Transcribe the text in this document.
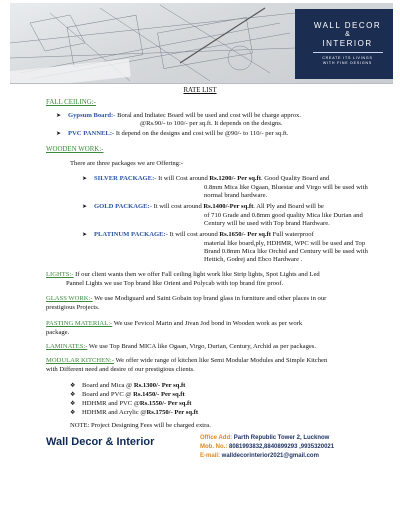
WALL DECOR
&
INTERIOR
CREATE ITS LIVINGS
WITH FINE DESIGNS
RATE LIST
FALL CEILING:-
➤ Gypsum Board:- Boral and Indiatec Board will be used and cost will be charge approx.
@Rs.90/- to 100/- per sq.ft. It depends on the designs.
➤ PVC PANNEL:- It depend on the designs and cost will be @90/- to 110/- per sq.ft.
WOODEN WORK:-
There are three packages we are Offering:-
➤ SILVER PACKAGE:- It will Cost around Rs.1200/- Per sq.ft. Good Quality Board and
0.8mm Mica like Ogaan, Bluestar and Virgo will be used with
normal brand hardware.
➤ GOLD PACKAGE:- It will cost around Rs.1400/-Per sq.ft. All Ply and Board will be
of 710 Grade and 0.8mm good quality Mica like Durian and
Century will be used with Top brand Hardware.
➤ PLATINUM PACKAGE:- It will cost around Rs.1650/- Per sq.ft Full waterproof
material like board,ply, HDHMR, WPC will be used and Top
Brand 0.8mm Mica like Orchid and Century will be used with
Hettich, Godrej and Ebco Hardware .
LIGHTS:- If our client wants then we offer Fall ceiling light work like Strip lights, Spot Lights and Led
Pannel Lights we use Top brand like Orient and Polycab with top brand fire proof.
GLASS WORK:- We use Modiguard and Saint Gobain top brand glass in furniture and other places in our
prestigious Projects.
PASTING MATERIAL:- We use Fevicol Marin and Jivan Jod bond in Wooden work as per work
package.
LAMINATES:- We use Top Brand MICA like Ogaan, Virgo, Durian, Century, Archid as per packages.
MODULAR KITCHEN:- We offer wide range of kitchen like Semi Modular Modules and Simple Kitchen
with Different need and desire of our prestigious clients.
❖ Board and Mica @ Rs.1300/- Per sq.ft
❖ Board and PVC @ Rs.1450/- Per sq.ft
❖ HDHMR and PVC @Rs.1550/- Per sq.ft
❖ HDHMR and Acrylic @Rs.1750/- Per sq.ft
NOTE: Project Designing Fees will be charged extra.
Wall Decor & Interior	Office Add: Parth Republic Tower 2, Lucknow
Mob. No.: 8081993832,8840899293 ,9935320021
E-mail: walldecorinterior2021@gmail.com
